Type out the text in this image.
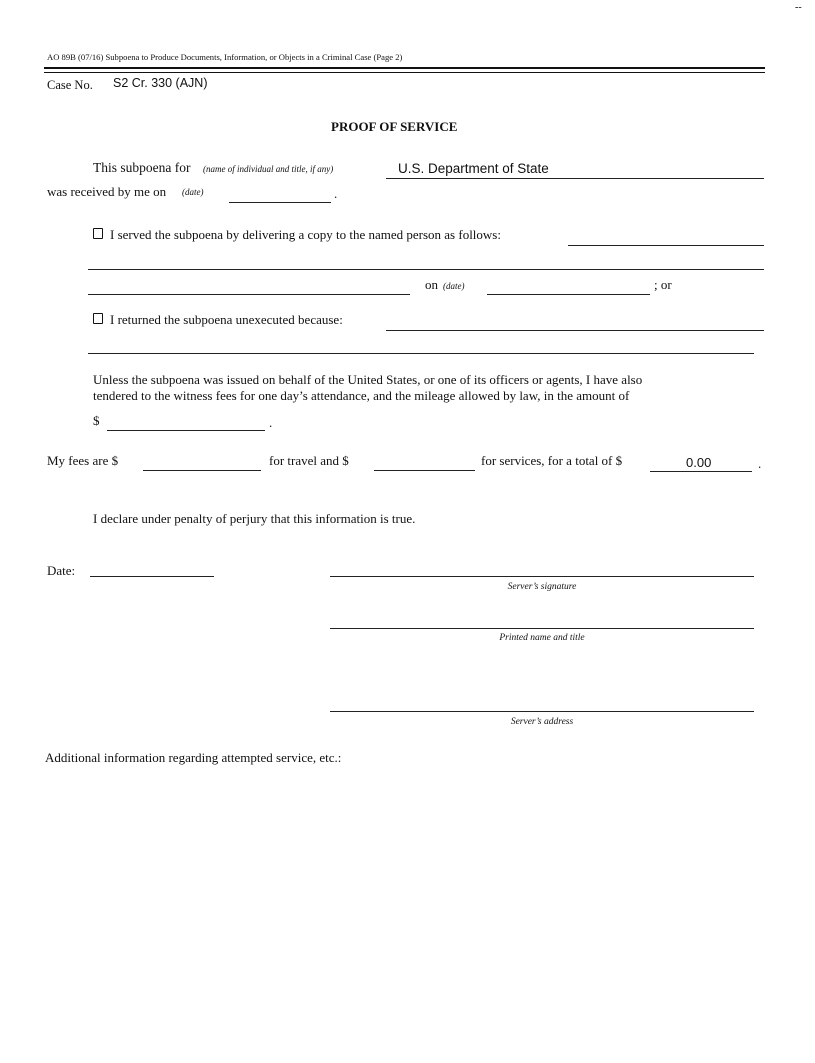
--
AO 89B (07/16) Subpoena to Produce Documents, Information, or Objects in a Criminal Case (Page 2)
Case No. S2 Cr. 330 (AJN)
PROOF OF SERVICE
This subpoena for (name of individual and title, if any)	U.S. Department of State
was received by me on (date)	.
I served the subpoena by delivering a copy to the named person as follows:
on (date)	; or
I returned the subpoena unexecuted because:
Unless the subpoena was issued on behalf of the United States, or one of its officers or agents, I have also
tendered to the witness fees for one day’s attendance, and the mileage allowed by law, in the amount of
$	.
My fees are $	for travel and $	for services, for a total of $	0.00	.
I declare under penalty of perjury that this information is true.
Date:
Server’s signature
Printed name and title
Server’s address
Additional information regarding attempted service, etc.:
